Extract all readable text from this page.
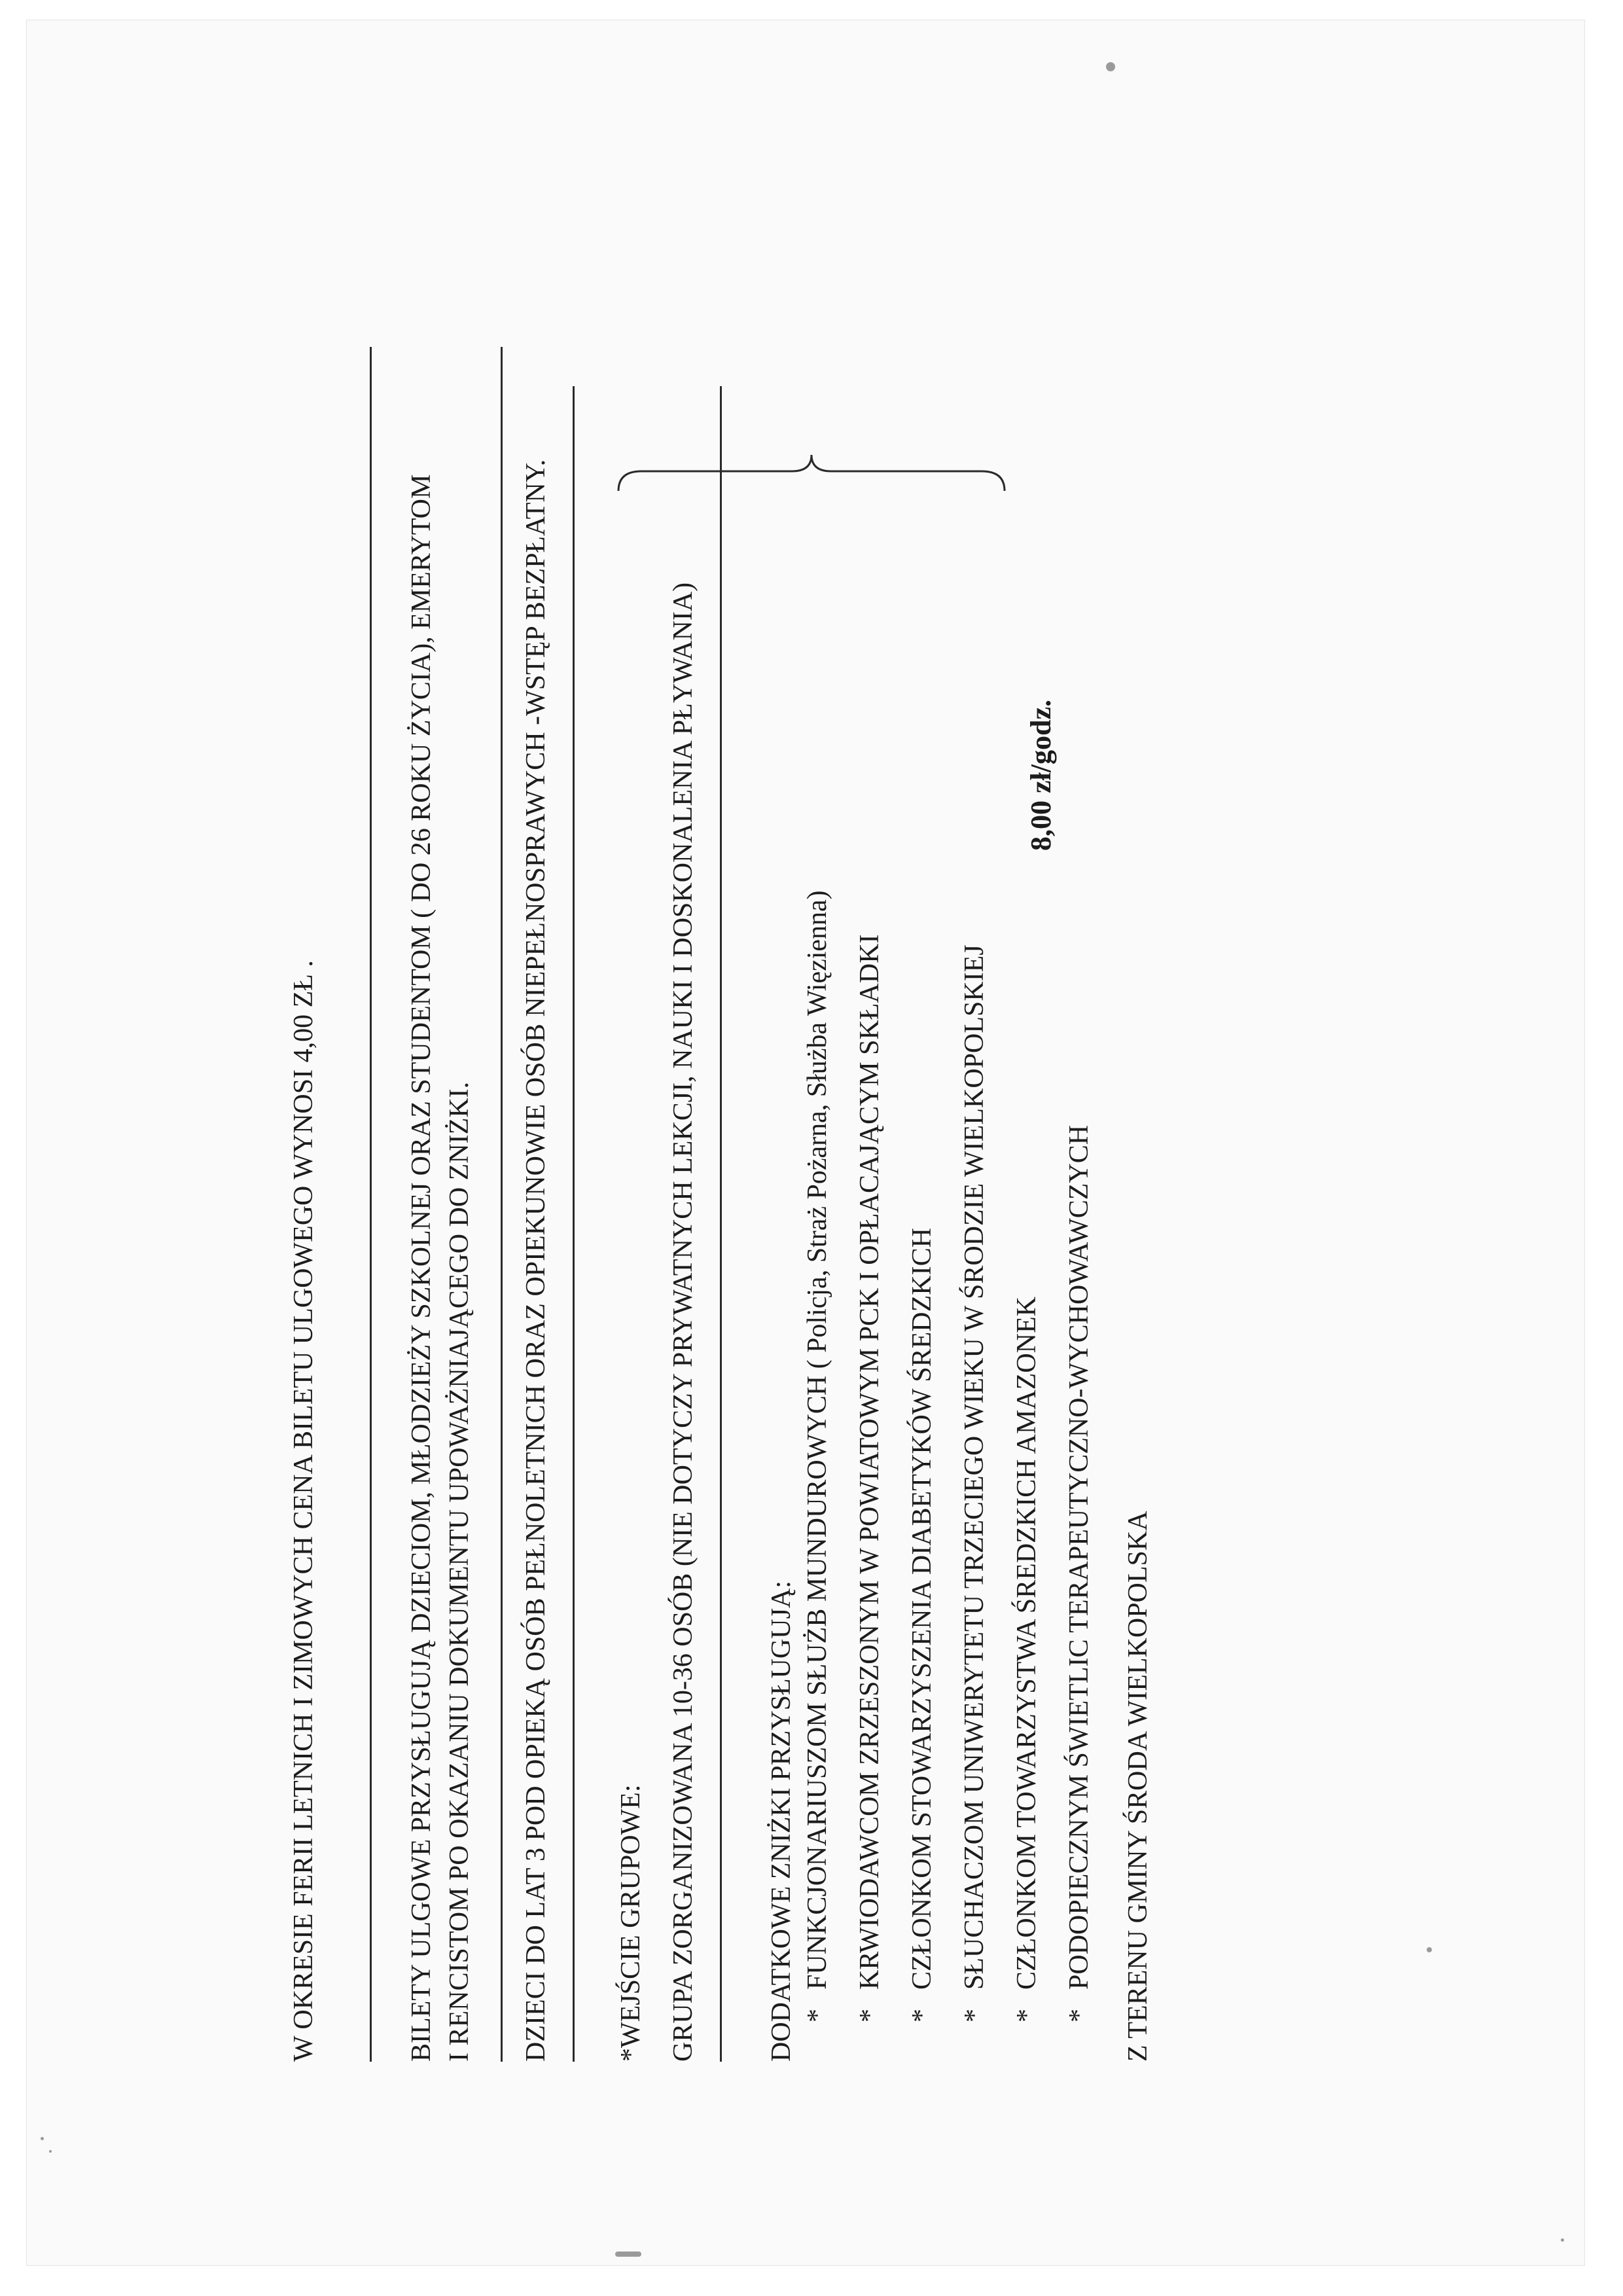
W OKRESIE FERII LETNICH I ZIMOWYCH CENA BILETU ULGOWEGO WYNOSI 4,00 ZŁ .	BILETY ULGOWE PRZYSŁUGUJĄ DZIECIOM, MŁODZIEŻY SZKOLNEJ ORAZ STUDENTOM ( DO 26 ROKU ŻYCIA), EMERYTOM I RENCISTOM PO OKAZANIU DOKUMENTU UPOWAŻNIAJĄCEGO DO ZNIŻKI. DZIECI DO LAT 3 POD OPIEKĄ OSÓB PEŁNOLETNICH ORAZ OPIEKUNOWIE OSÓB NIEPEŁNOSPRAWYCH -WSTĘP BEZPŁATNY. *WEJŚCIE GRUPOWE: GRUPA ZORGANIZOWANA 10-36 OSÓB (NIE DOTYCZY PRYWATNYCH LEKCJI, NAUKI I DOSKONALENIA PŁYWANIA) DODATKOWE ZNIŻKI PRZYSŁUGUJĄ: *FUNKCJONARIUSZOM SŁUŻB MUNDUROWYCH ( Policja, Straż Pożarna, Służba Więzienna)
*KRWIODAWCOM ZRZESZONYM W POWIATOWYM PCK I OPŁACAJĄCYM SKŁADKI
*CZŁONKOM STOWARZYSZENIA DIABETYKÓW ŚREDZKICH
*SŁUCHACZOM UNIWERYTETU TRZECIEGO WIEKU W ŚRODZIE WIELKOPOLSKIEJ
*CZŁONKOM TOWARZYSTWA ŚREDZKICH AMAZONEK
*PODOPIECZNYM ŚWIETLIC TERAPEUTYCZNO-WYCHOWAWCZYCH Z TERENU GMINY ŚRODA WIELKOPOLSKA
8,00 zł/godz.
